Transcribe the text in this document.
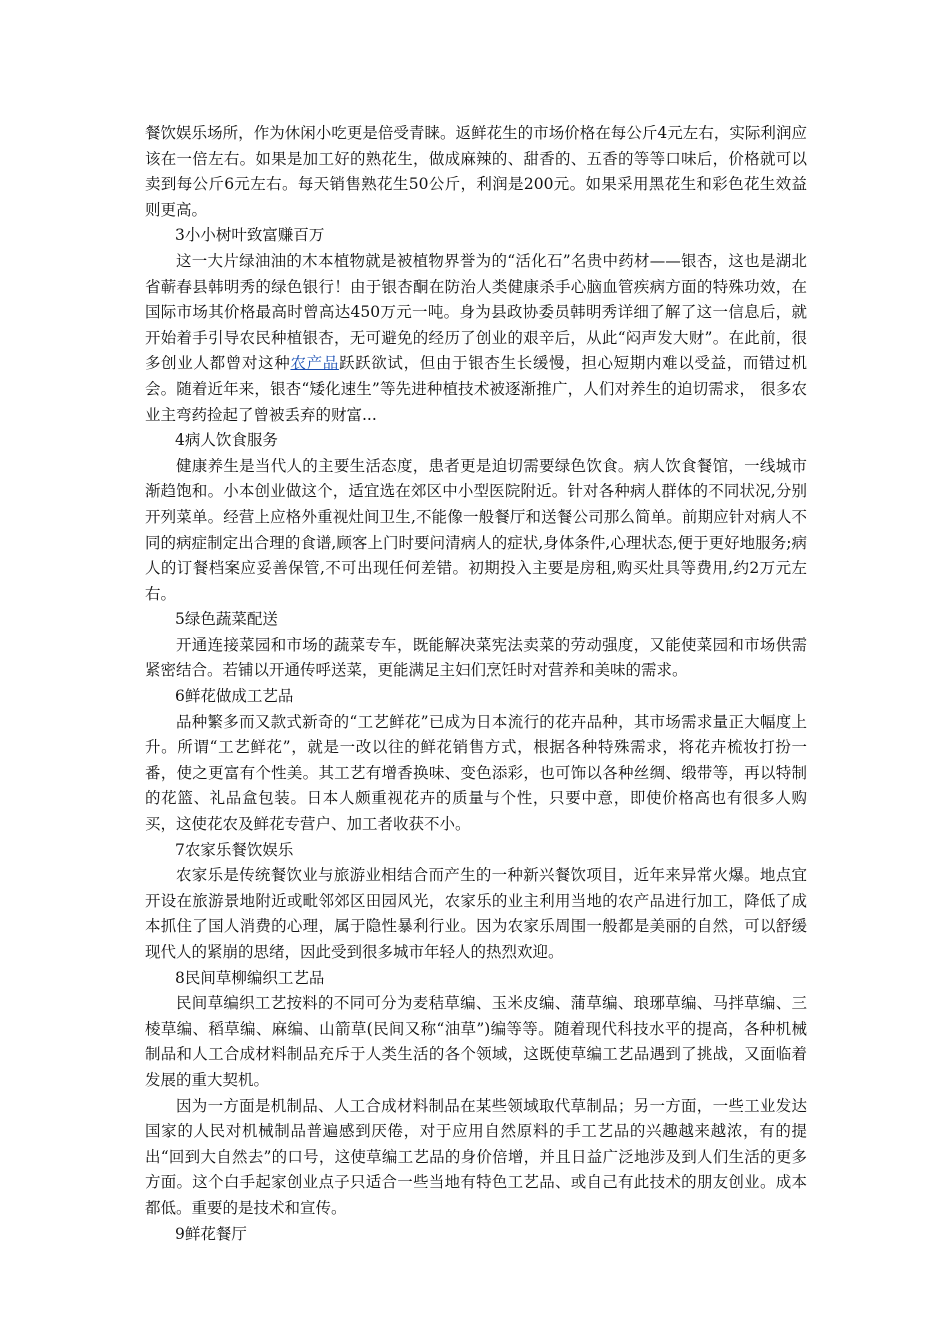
餐饮娱乐场所，作为休闲小吃更是倍受青睐。返鲜花生的市场价格在每公斤4元左右，实际利润应该在一倍左右。如果是加工好的熟花生，做成麻辣的、甜香的、五香的等等口味后，价格就可以卖到每公斤6元左右。每天销售熟花生50公斤，利润是200元。如果采用黑花生和彩色花生效益则更高。

3小小树叶致富赚百万

这一大片绿油油的木本植物就是被植物界誉为的“活化石”名贵中药材——银杏，这也是湖北省蕲春县韩明秀的绿色银行！由于银杏酮在防治人类健康杀手心脑血管疾病方面的特殊功效，在国际市场其价格最高时曾高达450万元一吨。身为县政协委员韩明秀详细了解了这一信息后，就开始着手引导农民种植银杏，无可避免的经历了创业的艰辛后，从此“闷声发大财”。在此前，很多创业人都曾对这种农产品跃跃欲试，但由于银杏生长缓慢，担心短期内难以受益，而错过机会。随着近年来，银杏“矮化速生”等先进种植技术被逐渐推广，人们对养生的迫切需求， 很多农业主弯药捡起了曾被丢弃的财富...

4病人饮食服务

健康养生是当代人的主要生活态度，患者更是迫切需要绿色饮食。病人饮食餐馆，一线城市渐趋饱和。小本创业做这个，适宜选在郊区中小型医院附近。针对各种病人群体的不同状况,分别开列菜单。经营上应格外重视灶间卫生,不能像一般餐厅和送餐公司那么简单。前期应针对病人不同的病症制定出合理的食谱,顾客上门时要问清病人的症状,身体条件,心理状态,便于更好地服务;病人的订餐档案应妥善保管,不可出现任何差错。初期投入主要是房租,购买灶具等费用,约2万元左右。

5绿色蔬菜配送

开通连接菜园和市场的蔬菜专车，既能解决菜宪法卖菜的劳动强度，又能使菜园和市场供需紧密结合。若铺以开通传呼送菜，更能满足主妇们烹饪时对营养和美味的需求。

6鲜花做成工艺品

品种繁多而又款式新奇的“工艺鲜花”已成为日本流行的花卉品种，其市场需求量正大幅度上升。所谓“工艺鲜花”，就是一改以往的鲜花销售方式，根据各种特殊需求，将花卉梳妆打扮一番，使之更富有个性美。其工艺有增香换味、变色添彩，也可饰以各种丝绸、缎带等，再以特制的花篮、礼品盒包装。日本人颇重视花卉的质量与个性，只要中意，即使价格高也有很多人购买，这使花农及鲜花专营户、加工者收获不小。

7农家乐餐饮娱乐

农家乐是传统餐饮业与旅游业相结合而产生的一种新兴餐饮项目，近年来异常火爆。地点宜开设在旅游景地附近或毗邻郊区田园风光，农家乐的业主利用当地的农产品进行加工，降低了成本抓住了国人消费的心理，属于隐性暴利行业。因为农家乐周围一般都是美丽的自然，可以舒缓现代人的紧崩的思绪，因此受到很多城市年轻人的热烈欢迎。

8民间草柳编织工艺品

民间草编织工艺按料的不同可分为麦秸草编、玉米皮编、蒲草编、琅琊草编、马拌草编、三棱草编、稻草编、麻编、山箭草(民间又称“油草”)编等等。随着现代科技水平的提高，各种机械制品和人工合成材料制品充斥于人类生活的各个领域，这既使草编工艺品遇到了挑战，又面临着发展的重大契机。

因为一方面是机制品、人工合成材料制品在某些领域取代草制品；另一方面，一些工业发达国家的人民对机械制品普遍感到厌倦，对于应用自然原料的手工艺品的兴趣越来越浓，有的提出“回到大自然去”的口号，这使草编工艺品的身价倍增，并且日益广泛地涉及到人们生活的更多方面。这个白手起家创业点子只适合一些当地有特色工艺品、或自己有此技术的朋友创业。成本都低。重要的是技术和宣传。

9鲜花餐厅
